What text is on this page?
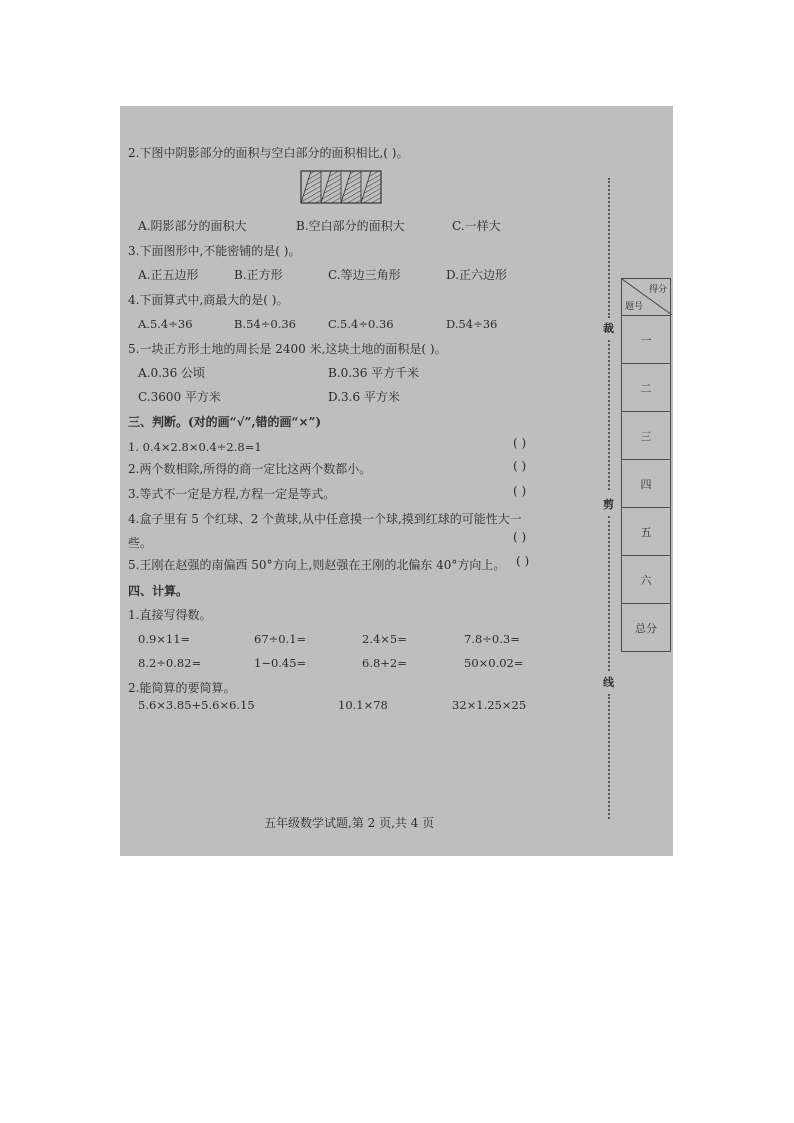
2.下图中阴影部分的面积与空白部分的面积相比,( )。
A.阴影部分的面积大	B.空白部分的面积大	C.一样大
3.下面图形中,不能密铺的是( )。
A.正五边形	B.正方形	C.等边三角形	D.正六边形
4.下面算式中,商最大的是( )。
A.5.4÷36	B.54÷0.36	C.5.4÷0.36	D.54÷36
5.一块正方形土地的周长是 2400 米,这块土地的面积是( )。
A.0.36 公顷	B.0.36 平方千米
C.3600 平方米	D.3.6 平方米
三、判断。(对的画“√”,错的画“×”)
1. 0.4×2.8×0.4÷2.8=1	( )
2.两个数相除,所得的商一定比这两个数都小。	( )
3.等式不一定是方程,方程一定是等式。	( )
4.盒子里有 5 个红球、2 个黄球,从中任意摸一个球,摸到红球的可能性大一
些。	( )
5.王刚在赵强的南偏西 50°方向上,则赵强在王刚的北偏东 40°方向上。 ( )
四、计算。
1.直接写得数。
0.9×11=	67÷0.1=	2.4×5=	7.8÷0.3=
8.2÷0.82=	1−0.45=	6.8+2=	50×0.02=
2.能简算的要简算。
5.6×3.85+5.6×6.15	10.1×78	32×1.25×25
五年级数学试题,第 2 页,共 4 页
裁
剪
线
得分
题号

一
二
三
四
五
六
总分
